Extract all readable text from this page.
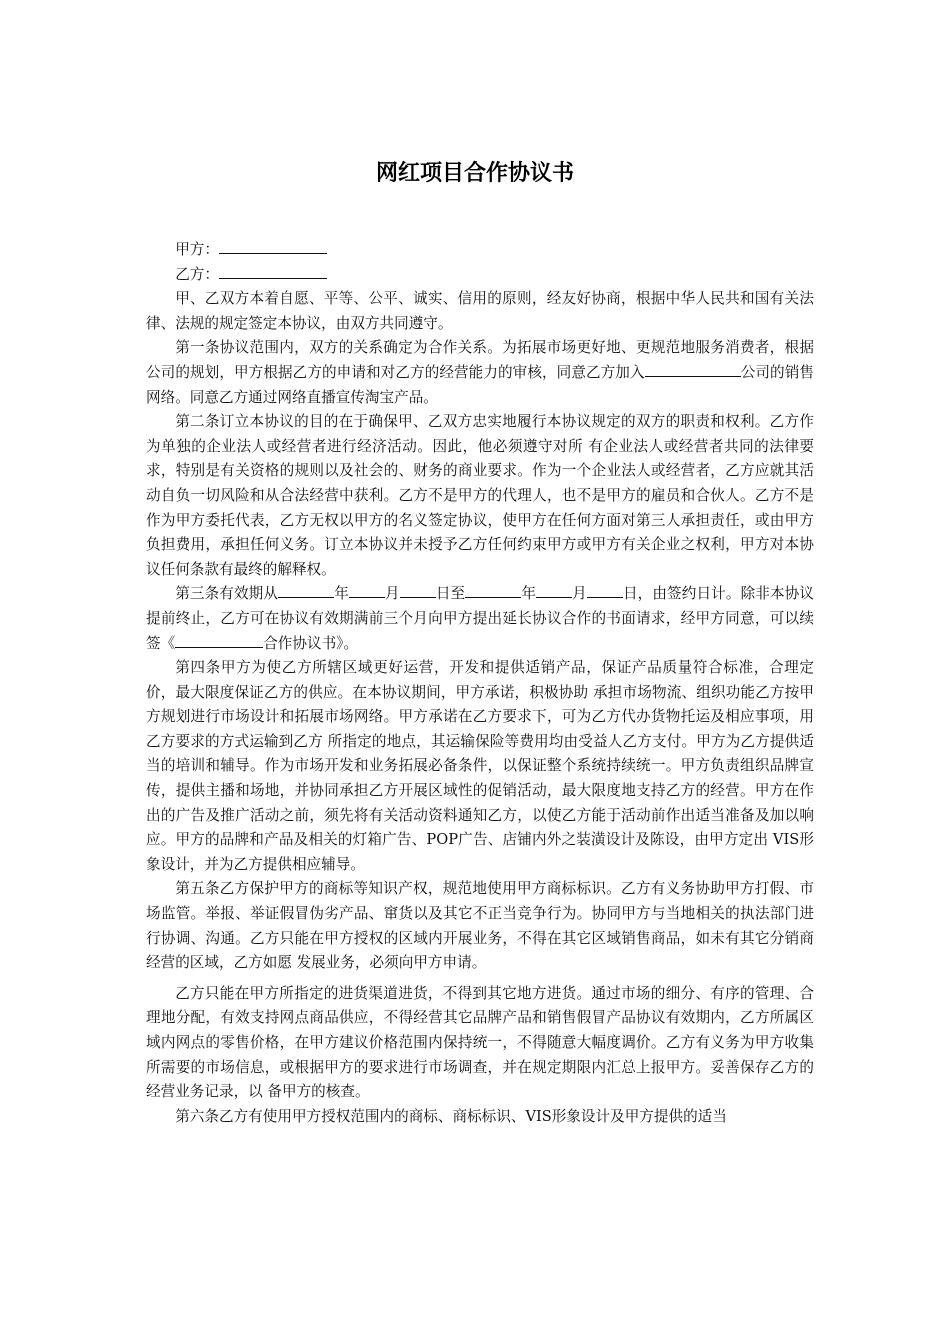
网红项目合作协议书

甲方：

乙方：

甲、乙双方本着自愿、平等、公平、诚实、信用的原则，经友好协商，根据中华人民共和国有关法律、法规的规定签定本协议，由双方共同遵守。

第一条协议范围内，双方的关系确定为合作关系。为拓展市场更好地、更规范地服务消费者，根据公司的规划，甲方根据乙方的申请和对乙方的经营能力的审核，同意乙方加入	公司的销售网络。同意乙方通过网络直播宣传淘宝产品。

第二条订立本协议的目的在于确保甲、乙双方忠实地履行本协议规定的双方的职责和权利。乙方作为单独的企业法人或经营者进行经济活动。因此，他必须遵守对所 有企业法人或经营者共同的法律要求，特别是有关资格的规则以及社会的、财务的商业要求。作为一个企业法人或经营者，乙方应就其活动自负一切风险和从合法经营中获利。乙方不是甲方的代理人，也不是甲方的雇员和合伙人。乙方不是作为甲方委托代表，乙方无权以甲方的名义签定协议，使甲方在任何方面对第三人承担责任，或由甲方负担费用，承担任何义务。订立本协议并未授予乙方任何约束甲方或甲方有关企业之权利，甲方对本协议任何条款有最终的解释权。

第三条有效期从	年 月 日至	年 月 日，由签约日计。除非本协议提前终止，乙方可在协议有效期满前三个月向甲方提出延长协议合作的书面请求，经甲方同意，可以续签《	合作协议书》。

第四条甲方为使乙方所辖区域更好运营，开发和提供适销产品，保证产品质量符合标准，合理定价，最大限度保证乙方的供应。在本协议期间，甲方承诺，积极协助 承担市场物流、组织功能乙方按甲方规划进行市场设计和拓展市场网络。甲方承诺在乙方要求下，可为乙方代办货物托运及相应事项，用乙方要求的方式运输到乙方 所指定的地点，其运输保险等费用均由受益人乙方支付。甲方为乙方提供适当的培训和辅导。作为市场开发和业务拓展必备条件，以保证整个系统持续统一。甲方负责组织品牌宣传，提供主播和场地，并协同承担乙方开展区域性的促销活动，最大限度地支持乙方的经营。甲方在作出的广告及推广活动之前，须先将有关活动资料通知乙方，以使乙方能于活动前作出适当准备及加以响应。甲方的品牌和产品及相关的灯箱广告、POP广告、店铺内外之装潢设计及陈设，由甲方定出 VIS形象设计，并为乙方提供相应辅导。

第五条乙方保护甲方的商标等知识产权，规范地使用甲方商标标识。乙方有义务协助甲方打假、市场监管。举报、举证假冒伪劣产品、窜货以及其它不正当竞争行为。协同甲方与当地相关的执法部门进行协调、沟通。乙方只能在甲方授权的区域内开展业务，不得在其它区域销售商品，如未有其它分销商经营的区域，乙方如愿 发展业务，必须向甲方申请。

乙方只能在甲方所指定的进货渠道进货，不得到其它地方进货。通过市场的细分、有序的管理、合 理地分配，有效支持网点商品供应，不得经营其它品牌产品和销售假冒产品协议有效期内，乙方所属区域内网点的零售价格，在甲方建议价格范围内保持统一，不得随意大幅度调价。乙方有义务为甲方收集所需要的市场信息，或根据甲方的要求进行市场调查，并在规定期限内汇总上报甲方。妥善保存乙方的经营业务记录，以 备甲方的核查。

第六条乙方有使用甲方授权范围内的商标、商标标识、VIS形象设计及甲方提供的适当
